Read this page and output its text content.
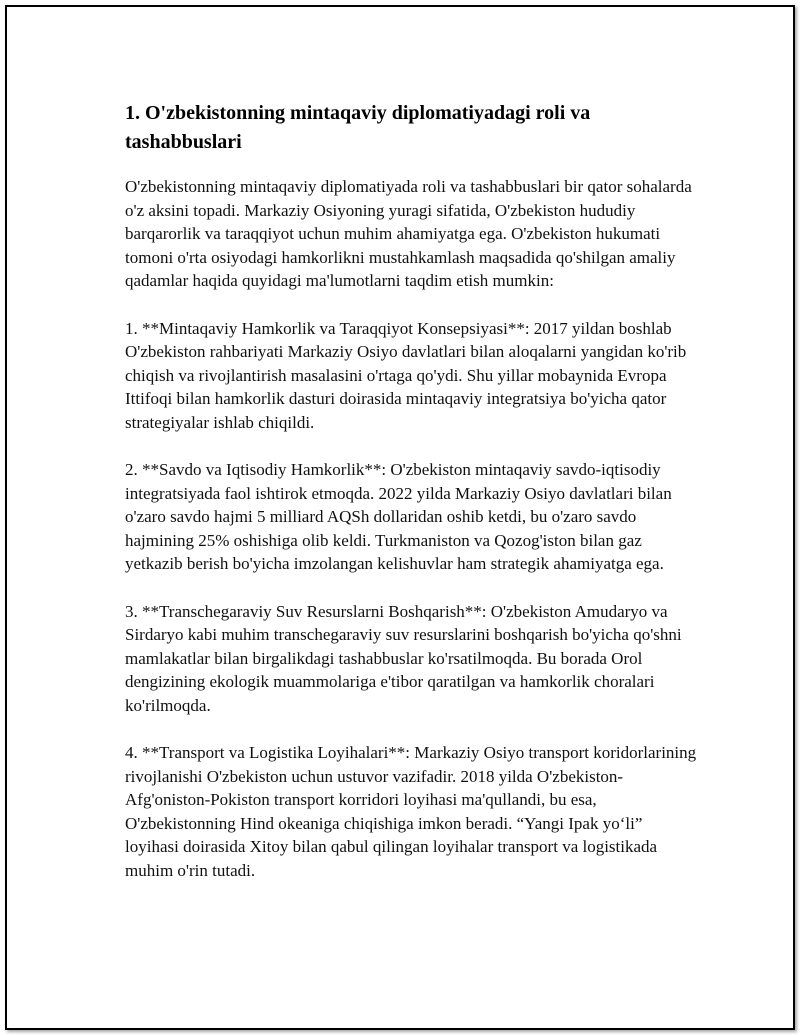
1. O'zbekistonning mintaqaviy diplomatiyadagi roli va tashabbuslari

O'zbekistonning mintaqaviy diplomatiyada roli va tashabbuslari bir qator sohalarda o'z aksini topadi. Markaziy Osiyoning yuragi sifatida, O'zbekiston hududiy barqarorlik va taraqqiyot uchun muhim ahamiyatga ega. O'zbekiston hukumati tomoni o'rta osiyodagi hamkorlikni mustahkamlash maqsadida qo'shilgan amaliy qadamlar haqida quyidagi ma'lumotlarni taqdim etish mumkin:

1. **Mintaqaviy Hamkorlik va Taraqqiyot Konsepsiyasi**: 2017 yildan boshlab O'zbekiston rahbariyati Markaziy Osiyo davlatlari bilan aloqalarni yangidan ko'rib chiqish va rivojlantirish masalasini o'rtaga qo'ydi. Shu yillar mobaynida Evropa Ittifoqi bilan hamkorlik dasturi doirasida mintaqaviy integratsiya bo'yicha qator strategiyalar ishlab chiqildi.

2. **Savdo va Iqtisodiy Hamkorlik**: O'zbekiston mintaqaviy savdo-iqtisodiy integratsiyada faol ishtirok etmoqda. 2022 yilda Markaziy Osiyo davlatlari bilan o'zaro savdo hajmi 5 milliard AQSh dollaridan oshib ketdi, bu o'zaro savdo hajmining 25% oshishiga olib keldi. Turkmaniston va Qozog'iston bilan gaz yetkazib berish bo'yicha imzolangan kelishuvlar ham strategik ahamiyatga ega.

3. **Transchegaraviy Suv Resurslarni Boshqarish**: O'zbekiston Amudaryo va Sirdaryo kabi muhim transchegaraviy suv resurslarini boshqarish bo'yicha qo'shni mamlakatlar bilan birgalikdagi tashabbuslar ko'rsatilmoqda. Bu borada Orol dengizining ekologik muammolariga e'tibor qaratilgan va hamkorlik choralari ko'rilmoqda.

4. **Transport va Logistika Loyihalari**: Markaziy Osiyo transport koridorlarining rivojlanishi O'zbekiston uchun ustuvor vazifadir. 2018 yilda O'zbekiston-Afg'oniston-Pokiston transport korridori loyihasi ma'qullandi, bu esa, O'zbekistonning Hind okeaniga chiqishiga imkon beradi. “Yangi Ipak yo‘li” loyihasi doirasida Xitoy bilan qabul qilingan loyihalar transport va logistikada muhim o'rin tutadi.
